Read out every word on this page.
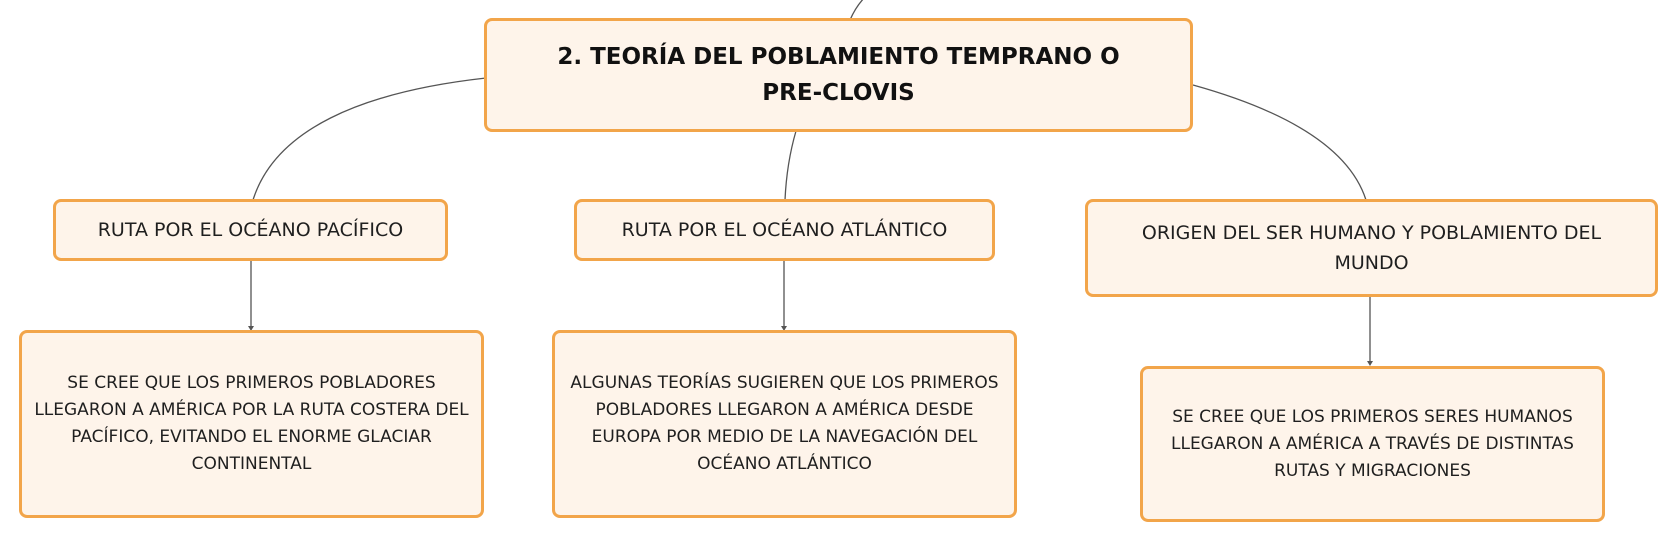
2. TEORÍA DEL POBLAMIENTO TEMPRANO O PRE-CLOVIS
RUTA POR EL OCÉANO PACÍFICO	RUTA POR EL OCÉANO ATLÁNTICO	ORIGEN DEL SER HUMANO Y POBLAMIENTO DEL MUNDO
SE CREE QUE LOS PRIMEROS POBLADORES LLEGARON A AMÉRICA POR LA RUTA COSTERA DEL PACÍFICO, EVITANDO EL ENORME GLACIAR CONTINENTAL
ALGUNAS TEORÍAS SUGIEREN QUE LOS PRIMEROS POBLADORES LLEGARON A AMÉRICA DESDE EUROPA POR MEDIO DE LA NAVEGACIÓN DEL OCÉANO ATLÁNTICO
SE CREE QUE LOS PRIMEROS SERES HUMANOS LLEGARON A AMÉRICA A TRAVÉS DE DISTINTAS RUTAS Y MIGRACIONES
